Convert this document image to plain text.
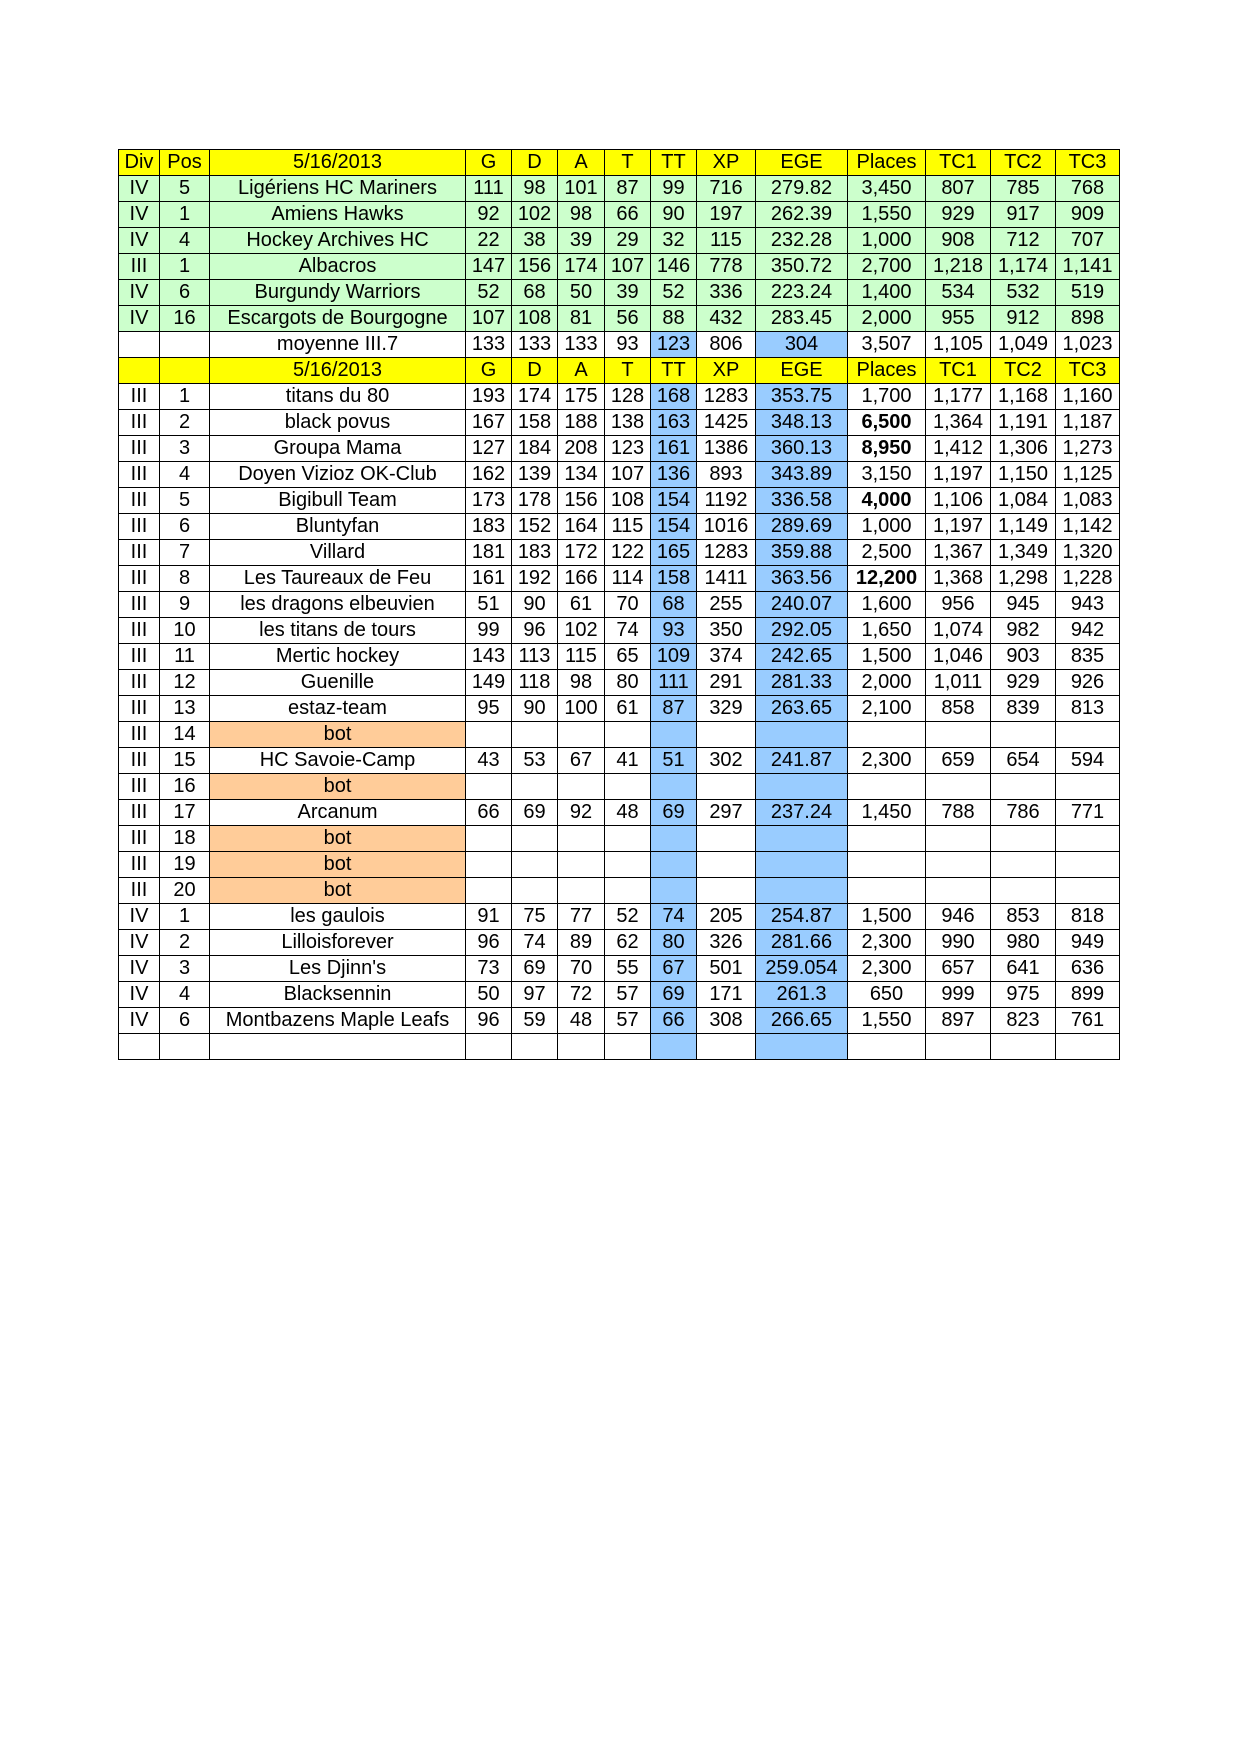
Div	Pos	5/16/2013	G	D	A	T	TT	XP	EGE	Places	TC1	TC2	TC3
IV	5	Ligériens HC Mariners	111	98	101	87	99	716	279.82	3,450	807	785	768
IV	1	Amiens Hawks	92	102	98	66	90	197	262.39	1,550	929	917	909
IV	4	Hockey Archives HC	22	38	39	29	32	115	232.28	1,000	908	712	707
III	1	Albacros	147	156	174	107	146	778	350.72	2,700	1,218	1,174	1,141
IV	6	Burgundy Warriors	52	68	50	39	52	336	223.24	1,400	534	532	519
IV	16	Escargots de Bourgogne	107	108	81	56	88	432	283.45	2,000	955	912	898
		moyenne III.7	133	133	133	93	123	806	304	3,507	1,105	1,049	1,023
		5/16/2013	G	D	A	T	TT	XP	EGE	Places	TC1	TC2	TC3
III	1	titans du 80	193	174	175	128	168	1283	353.75	1,700	1,177	1,168	1,160
III	2	black povus	167	158	188	138	163	1425	348.13	6,500	1,364	1,191	1,187
III	3	Groupa Mama	127	184	208	123	161	1386	360.13	8,950	1,412	1,306	1,273
III	4	Doyen Vizioz OK-Club	162	139	134	107	136	893	343.89	3,150	1,197	1,150	1,125
III	5	Bigibull Team	173	178	156	108	154	1192	336.58	4,000	1,106	1,084	1,083
III	6	Bluntyfan	183	152	164	115	154	1016	289.69	1,000	1,197	1,149	1,142
III	7	Villard	181	183	172	122	165	1283	359.88	2,500	1,367	1,349	1,320
III	8	Les Taureaux de Feu	161	192	166	114	158	1411	363.56	12,200	1,368	1,298	1,228
III	9	les dragons elbeuvien	51	90	61	70	68	255	240.07	1,600	956	945	943
III	10	les titans de tours	99	96	102	74	93	350	292.05	1,650	1,074	982	942
III	11	Mertic hockey	143	113	115	65	109	374	242.65	1,500	1,046	903	835
III	12	Guenille	149	118	98	80	111	291	281.33	2,000	1,011	929	926
III	13	estaz-team	95	90	100	61	87	329	263.65	2,100	858	839	813
III	14	bot											
III	15	HC Savoie-Camp	43	53	67	41	51	302	241.87	2,300	659	654	594
III	16	bot											
III	17	Arcanum	66	69	92	48	69	297	237.24	1,450	788	786	771
III	18	bot											
III	19	bot											
III	20	bot											
IV	1	les gaulois	91	75	77	52	74	205	254.87	1,500	946	853	818
IV	2	Lilloisforever	96	74	89	62	80	326	281.66	2,300	990	980	949
IV	3	Les Djinn's	73	69	70	55	67	501	259.054	2,300	657	641	636
IV	4	Blacksennin	50	97	72	57	69	171	261.3	650	999	975	899
IV	6	Montbazens Maple Leafs	96	59	48	57	66	308	266.65	1,550	897	823	761
